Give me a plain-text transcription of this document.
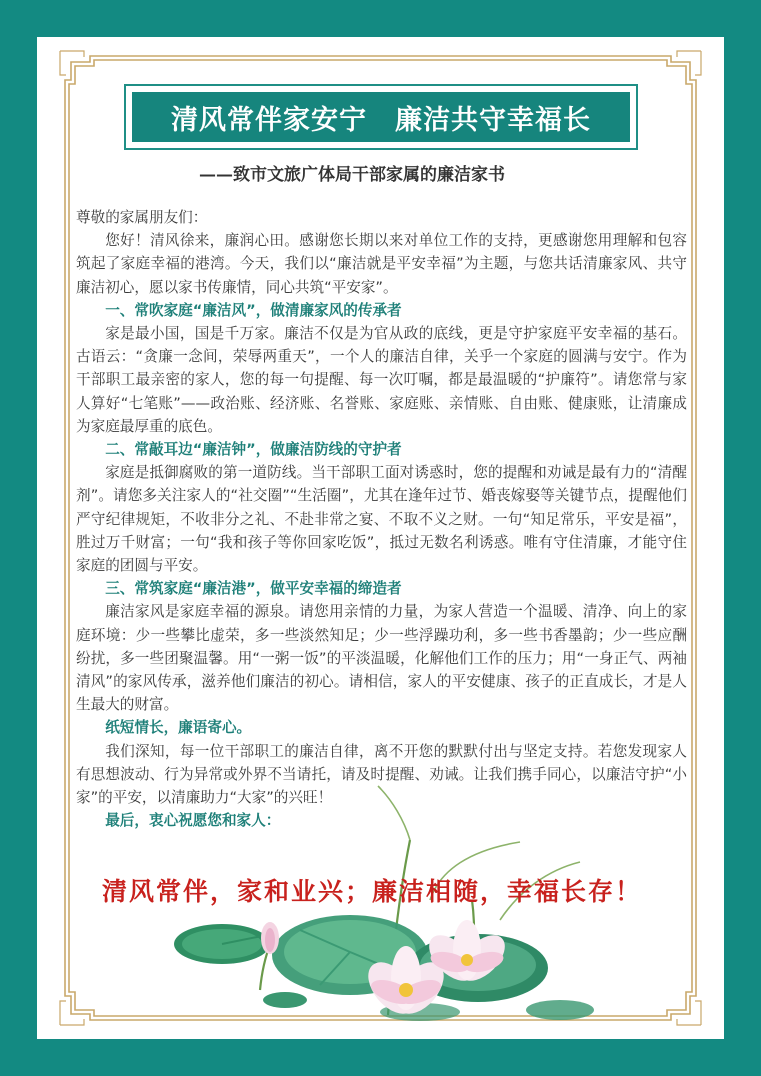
清风常伴家安宁　廉洁共守幸福长
——致市文旅广体局干部家属的廉洁家书

尊敬的家属朋友们：

您好！清风徐来，廉润心田。感谢您长期以来对单位工作的支持，更感谢您用理解和包容筑起了家庭幸福的港湾。今天，我们以“廉洁就是平安幸福”为主题，与您共话清廉家风、共守廉洁初心，愿以家书传廉情，同心共筑“平安家”。

一、常吹家庭“廉洁风”，做清廉家风的传承者

家是最小国，国是千万家。廉洁不仅是为官从政的底线，更是守护家庭平安幸福的基石。古语云：“贪廉一念间，荣辱两重天”，一个人的廉洁自律，关乎一个家庭的圆满与安宁。作为干部职工最亲密的家人，您的每一句提醒、每一次叮嘱，都是最温暖的“护廉符”。请您常与家人算好“七笔账”——政治账、经济账、名誉账、家庭账、亲情账、自由账、健康账，让清廉成为家庭最厚重的底色。

二、常敲耳边“廉洁钟”，做廉洁防线的守护者

家庭是抵御腐败的第一道防线。当干部职工面对诱惑时，您的提醒和劝诫是最有力的“清醒剂”。请您多关注家人的“社交圈”“生活圈”，尤其在逢年过节、婚丧嫁娶等关键节点，提醒他们严守纪律规矩，不收非分之礼、不赴非常之宴、不取不义之财。一句“知足常乐，平安是福”，胜过万千财富；一句“我和孩子等你回家吃饭”，抵过无数名利诱惑。唯有守住清廉，才能守住家庭的团圆与平安。

三、常筑家庭“廉洁港”，做平安幸福的缔造者

廉洁家风是家庭幸福的源泉。请您用亲情的力量，为家人营造一个温暖、清净、向上的家庭环境：少一些攀比虚荣，多一些淡然知足；少一些浮躁功利，多一些书香墨韵；少一些应酬纷扰，多一些团聚温馨。用“一粥一饭”的平淡温暖，化解他们工作的压力；用“一身正气、两袖清风”的家风传承，滋养他们廉洁的初心。请相信，家人的平安健康、孩子的正直成长，才是人生最大的财富。

纸短情长，廉语寄心。

我们深知，每一位干部职工的廉洁自律，离不开您的默默付出与坚定支持。若您发现家人有思想波动、行为异常或外界不当请托，请及时提醒、劝诫。让我们携手同心，以廉洁守护“小家”的平安，以清廉助力“大家”的兴旺！

最后，衷心祝愿您和家人：

清风常伴，家和业兴；廉洁相随，幸福长存！
